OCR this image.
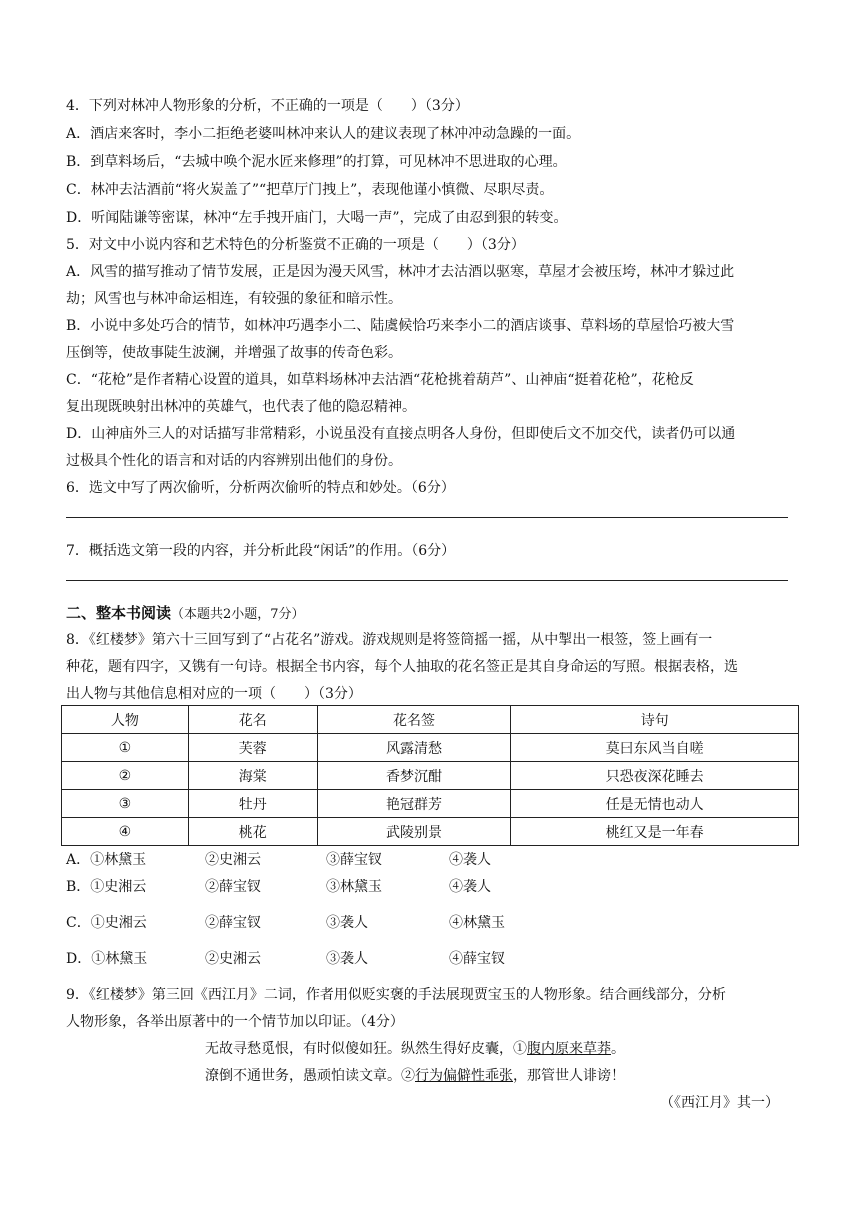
4．下列对林冲人物形象的分析，不正确的一项是（　　）（3分）
A．酒店来客时，李小二拒绝老婆叫林冲来认人的建议表现了林冲冲动急躁的一面。
B．到草料场后，“去城中唤个泥水匠来修理”的打算，可见林冲不思进取的心理。
C．林冲去沽酒前“将火炭盖了”“把草厅门拽上”，表现他谨小慎微、尽职尽责。
D．听闻陆谦等密谋，林冲“左手拽开庙门，大喝一声”，完成了由忍到狠的转变。
5．对文中小说内容和艺术特色的分析鉴赏不正确的一项是（　　）（3分）
A．风雪的描写推动了情节发展，正是因为漫天风雪，林冲才去沽酒以驱寒，草屋才会被压垮，林冲才躲过此
劫；风雪也与林冲命运相连，有较强的象征和暗示性。
B．小说中多处巧合的情节，如林冲巧遇李小二、陆虞候恰巧来李小二的酒店谈事、草料场的草屋恰巧被大雪
压倒等，使故事陡生波澜，并增强了故事的传奇色彩。
C．“花枪”是作者精心设置的道具，如草料场林冲去沽酒“花枪挑着葫芦”、山神庙“挺着花枪”，花枪反
复出现既映射出林冲的英雄气，也代表了他的隐忍精神。
D．山神庙外三人的对话描写非常精彩，小说虽没有直接点明各人身份，但即使后文不加交代，读者仍可以通
过极具个性化的语言和对话的内容辨别出他们的身份。
6．选文中写了两次偷听，分析两次偷听的特点和妙处。（6分）
7．概括选文第一段的内容，并分析此段“闲话”的作用。（6分）
二、整本书阅读（本题共2小题，7分）
8．《红楼梦》第六十三回写到了“占花名”游戏。游戏规则是将签筒摇一摇，从中掣出一根签，签上画有一
种花，题有四字，又镌有一句诗。根据全书内容，每个人抽取的花名签正是其自身命运的写照。根据表格，选
出人物与其他信息相对应的一项（　　）（3分）
人物	花名	花名签	诗句
①	芙蓉	风露清愁	莫曰东风当自嗟
②	海棠	香梦沉酣	只恐夜深花睡去
③	牡丹	艳冠群芳	任是无情也动人
④	桃花	武陵别景	桃红又是一年春
A．①林黛玉	②史湘云	③薛宝钗	④袭人
B．①史湘云	②薛宝钗	③林黛玉	④袭人
C．①史湘云	②薛宝钗	③袭人	④林黛玉
D．①林黛玉	②史湘云	③袭人	④薛宝钗
9．《红楼梦》第三回《西江月》二词，作者用似贬实褒的手法展现贾宝玉的人物形象。结合画线部分，分析
人物形象，各举出原著中的一个情节加以印证。（4分）
无故寻愁觅恨，有时似傻如狂。纵然生得好皮囊，①腹内原来草莽。
潦倒不通世务，愚顽怕读文章。②行为偏僻性乖张，那管世人诽谤！
（《西江月》其一）
